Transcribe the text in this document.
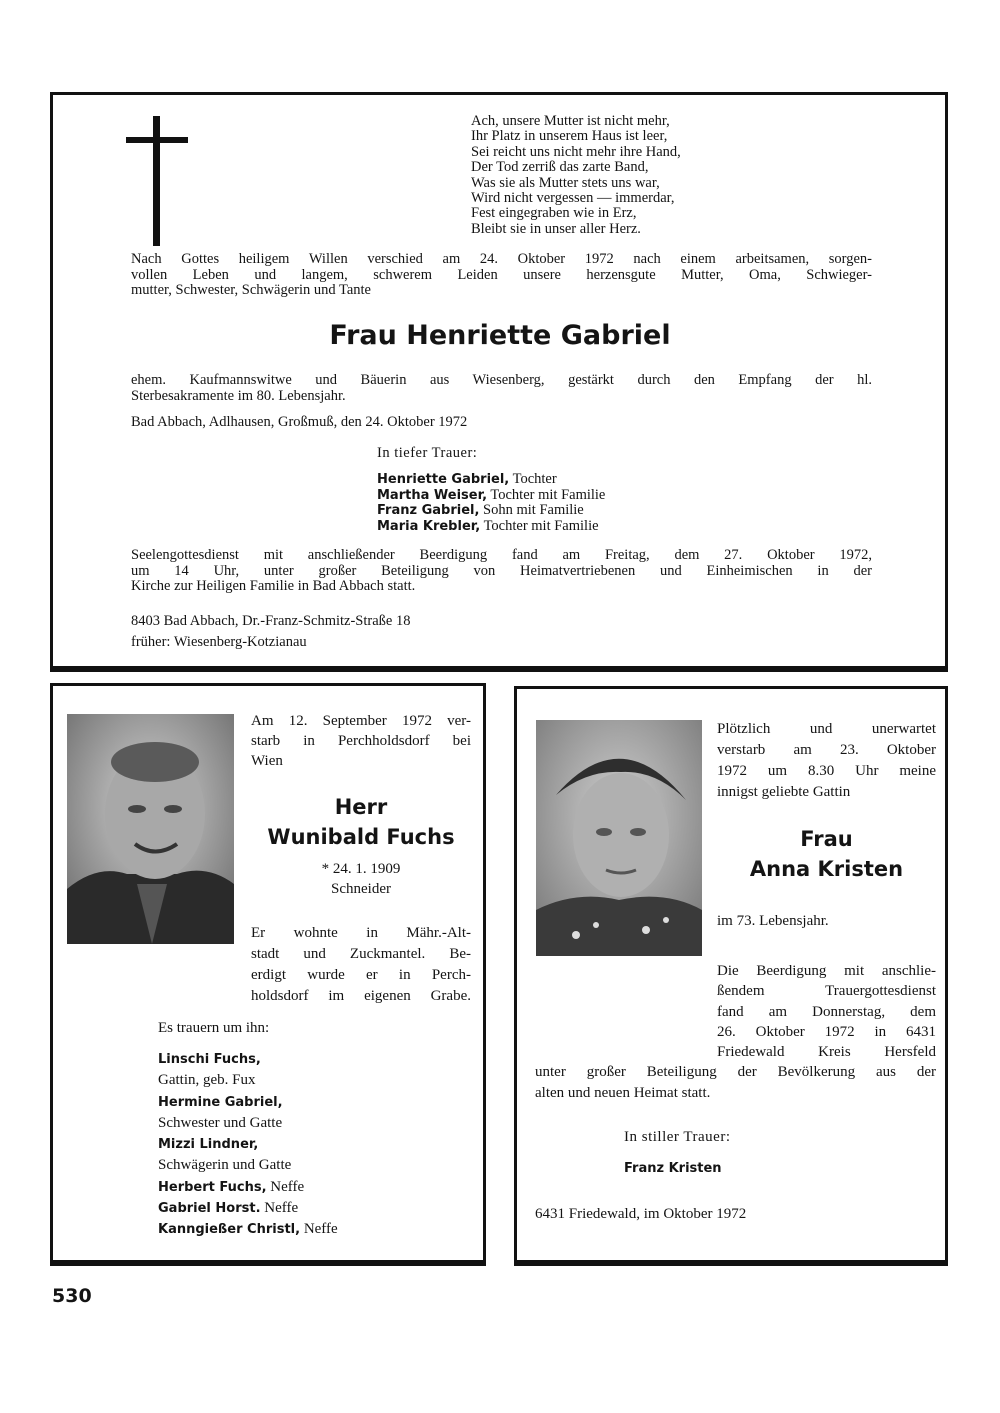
Ach, unsere Mutter ist nicht mehr,
Ihr Platz in unserem Haus ist leer,
Sei reicht uns nicht mehr ihre Hand,
Der Tod zerriß das zarte Band,
Was sie als Mutter stets uns war,
Wird nicht vergessen — immerdar,
Fest eingegraben wie in Erz,
Bleibt sie in unser aller Herz.
Nach Gottes heiligem Willen verschied am 24. Oktober 1972 nach einem arbeitsamen, sorgen-
vollen Leben und langem, schwerem Leiden unsere herzensgute Mutter, Oma, Schwieger-
mutter, Schwester, Schwägerin und Tante
Frau Henriette Gabriel
ehem. Kaufmannswitwe und Bäuerin aus Wiesenberg, gestärkt durch den Empfang der hl.
Sterbesakramente im 80. Lebensjahr.
Bad Abbach, Adlhausen, Großmuß, den 24. Oktober 1972
In tiefer Trauer:
Henriette Gabriel, Tochter
Martha Weiser, Tochter mit Familie
Franz Gabriel, Sohn mit Familie
Maria Krebler, Tochter mit Familie
Seelengottesdienst mit anschließender Beerdigung fand am Freitag, dem 27. Oktober 1972,
um 14 Uhr, unter großer Beteiligung von Heimatvertriebenen und Einheimischen in der
Kirche zur Heiligen Familie in Bad Abbach statt.
8403 Bad Abbach, Dr.-Franz-Schmitz-Straße 18
früher: Wiesenberg-Kotzianau
Am 12. September 1972 ver-
starb in Perchholdsdorf bei
Wien
Herr
Wunibald Fuchs
* 24. 1. 1909
Schneider
Er wohnte in Mähr.-Alt-
stadt und Zuckmantel. Be-
erdigt wurde er in Perch-
holdsdorf im eigenen Grabe.
Es trauern um ihn:
Linschi Fuchs,
Gattin, geb. Fux
Hermine Gabriel,
Schwester und Gatte
Mizzi Lindner,
Schwägerin und Gatte
Herbert Fuchs, Neffe
Gabriel Horst. Neffe
Kanngießer Christl, Neffe
Plötzlich und unerwartet
verstarb am 23. Oktober
1972 um 8.30 Uhr meine
innigst geliebte Gattin
Frau
Anna Kristen
im 73. Lebensjahr.
Die Beerdigung mit anschlie-
ßendem Trauergottesdienst
fand am Donnerstag, dem
26. Oktober 1972 in 6431
Friedewald Kreis Hersfeld
unter großer Beteiligung der Bevölkerung aus der
alten und neuen Heimat statt.
In stiller Trauer:
Franz Kristen
6431 Friedewald, im Oktober 1972
530
